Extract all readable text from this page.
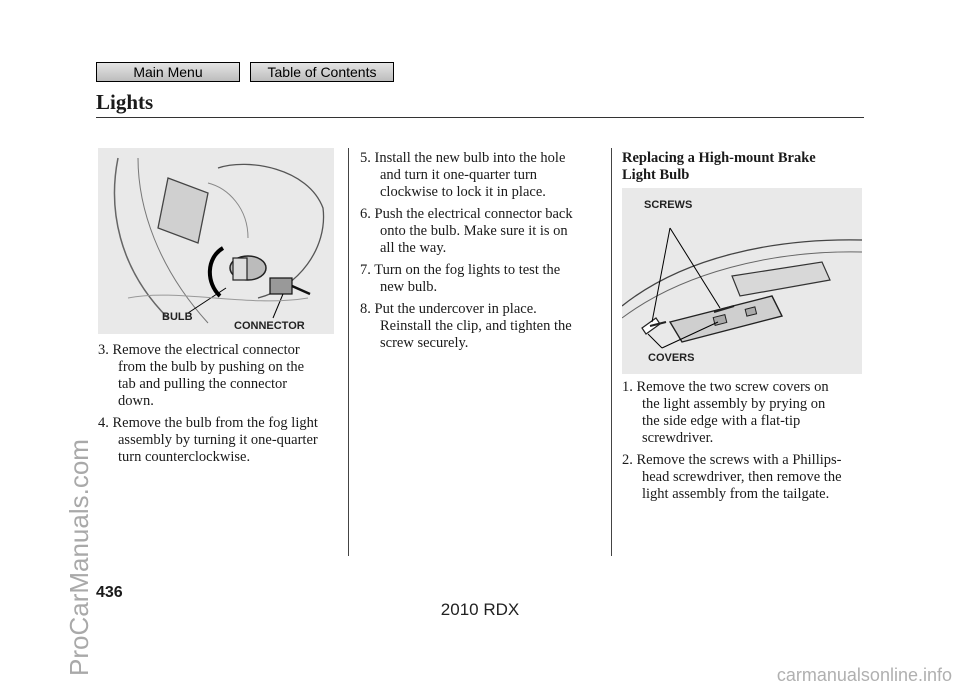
Main Menu	Table of Contents
Lights
BULB
CONNECTOR
3. Remove the electrical connector
from the bulb by pushing on the
tab and pulling the connector
down.
4. Remove the bulb from the fog light
assembly by turning it one-quarter
turn counterclockwise.
5. Install the new bulb into the hole
and turn it one-quarter turn
clockwise to lock it in place.
6. Push the electrical connector back
onto the bulb. Make sure it is on
all the way.
7. Turn on the fog lights to test the
new bulb.
8. Put the undercover in place.
Reinstall the clip, and tighten the
screw securely.
Replacing a High-mount Brake
Light Bulb
SCREWS
COVERS
1. Remove the two screw covers on
the light assembly by prying on
the side edge with a flat-tip
screwdriver.
2. Remove the screws with a Phillips-
head screwdriver, then remove the
light assembly from the tailgate.
436
2010 RDX
ProCarManuals.com	carmanualsonline.info
